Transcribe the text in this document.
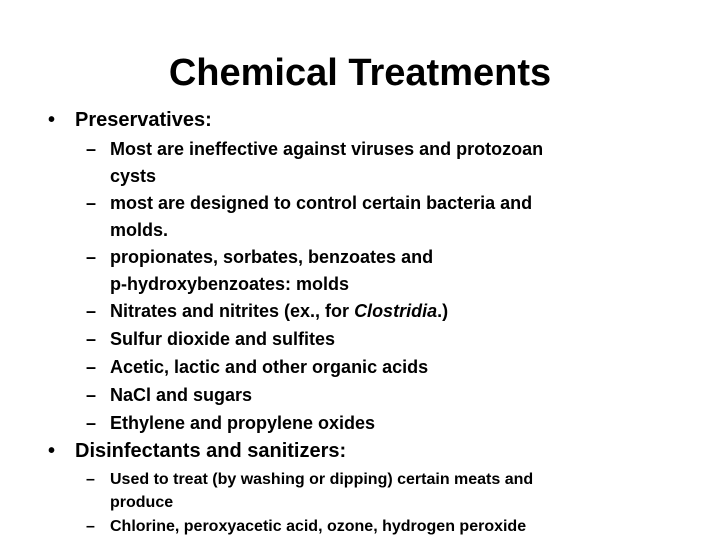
Chemical Treatments
• Preservatives:
– Most are ineffective against viruses and protozoan
cysts
– most are designed to control certain bacteria and
molds.
– propionates, sorbates, benzoates and
p‑hydroxybenzoates: molds
– Nitrates and nitrites (ex., for Clostridia.)
– Sulfur dioxide and sulfites
– Acetic, lactic and other organic acids
– NaCl and sugars
– Ethylene and propylene oxides
• Disinfectants and sanitizers:
– Used to treat (by washing or dipping) certain meats and
produce
– Chlorine, peroxyacetic acid, ozone, hydrogen peroxide
